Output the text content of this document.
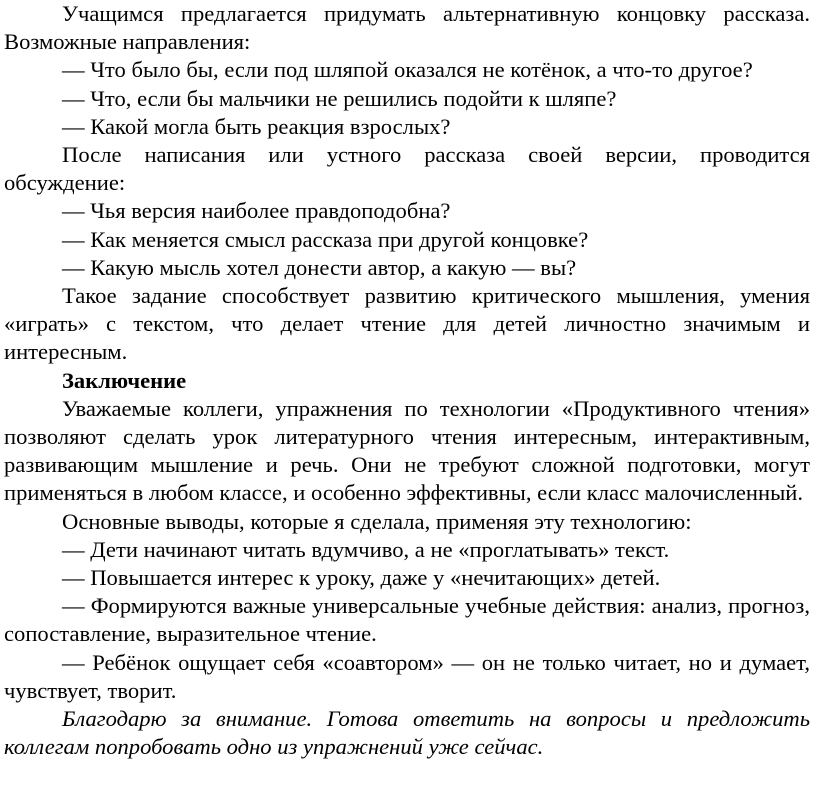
Учащимся предлагается придумать альтернативную концовку рассказа. Возможные направления:

— Что было бы, если под шляпой оказался не котёнок, а что-то другое?

— Что, если бы мальчики не решились подойти к шляпе?

— Какой могла быть реакция взрослых?

После написания или устного рассказа своей версии, проводится обсуждение:

— Чья версия наиболее правдоподобна?

— Как меняется смысл рассказа при другой концовке?

— Какую мысль хотел донести автор, а какую — вы?

Такое задание способствует развитию критического мышления, умения «играть» с текстом, что делает чтение для детей личностно значимым и интересным.

Заключение

Уважаемые коллеги, упражнения по технологии «Продуктивного чтения» позволяют сделать урок литературного чтения интересным, интерактивным, развивающим мышление и речь. Они не требуют сложной подготовки, могут применяться в любом классе, и особенно эффективны, если класс малочисленный.

Основные выводы, которые я сделала, применяя эту технологию:

— Дети начинают читать вдумчиво, а не «проглатывать» текст.

— Повышается интерес к уроку, даже у «нечитающих» детей.

— Формируются важные универсальные учебные действия: анализ, прогноз, сопоставление, выразительное чтение.

— Ребёнок ощущает себя «соавтором» — он не только читает, но и думает, чувствует, творит.

Благодарю за внимание. Готова ответить на вопросы и предложить коллегам попробовать одно из упражнений уже сейчас.
